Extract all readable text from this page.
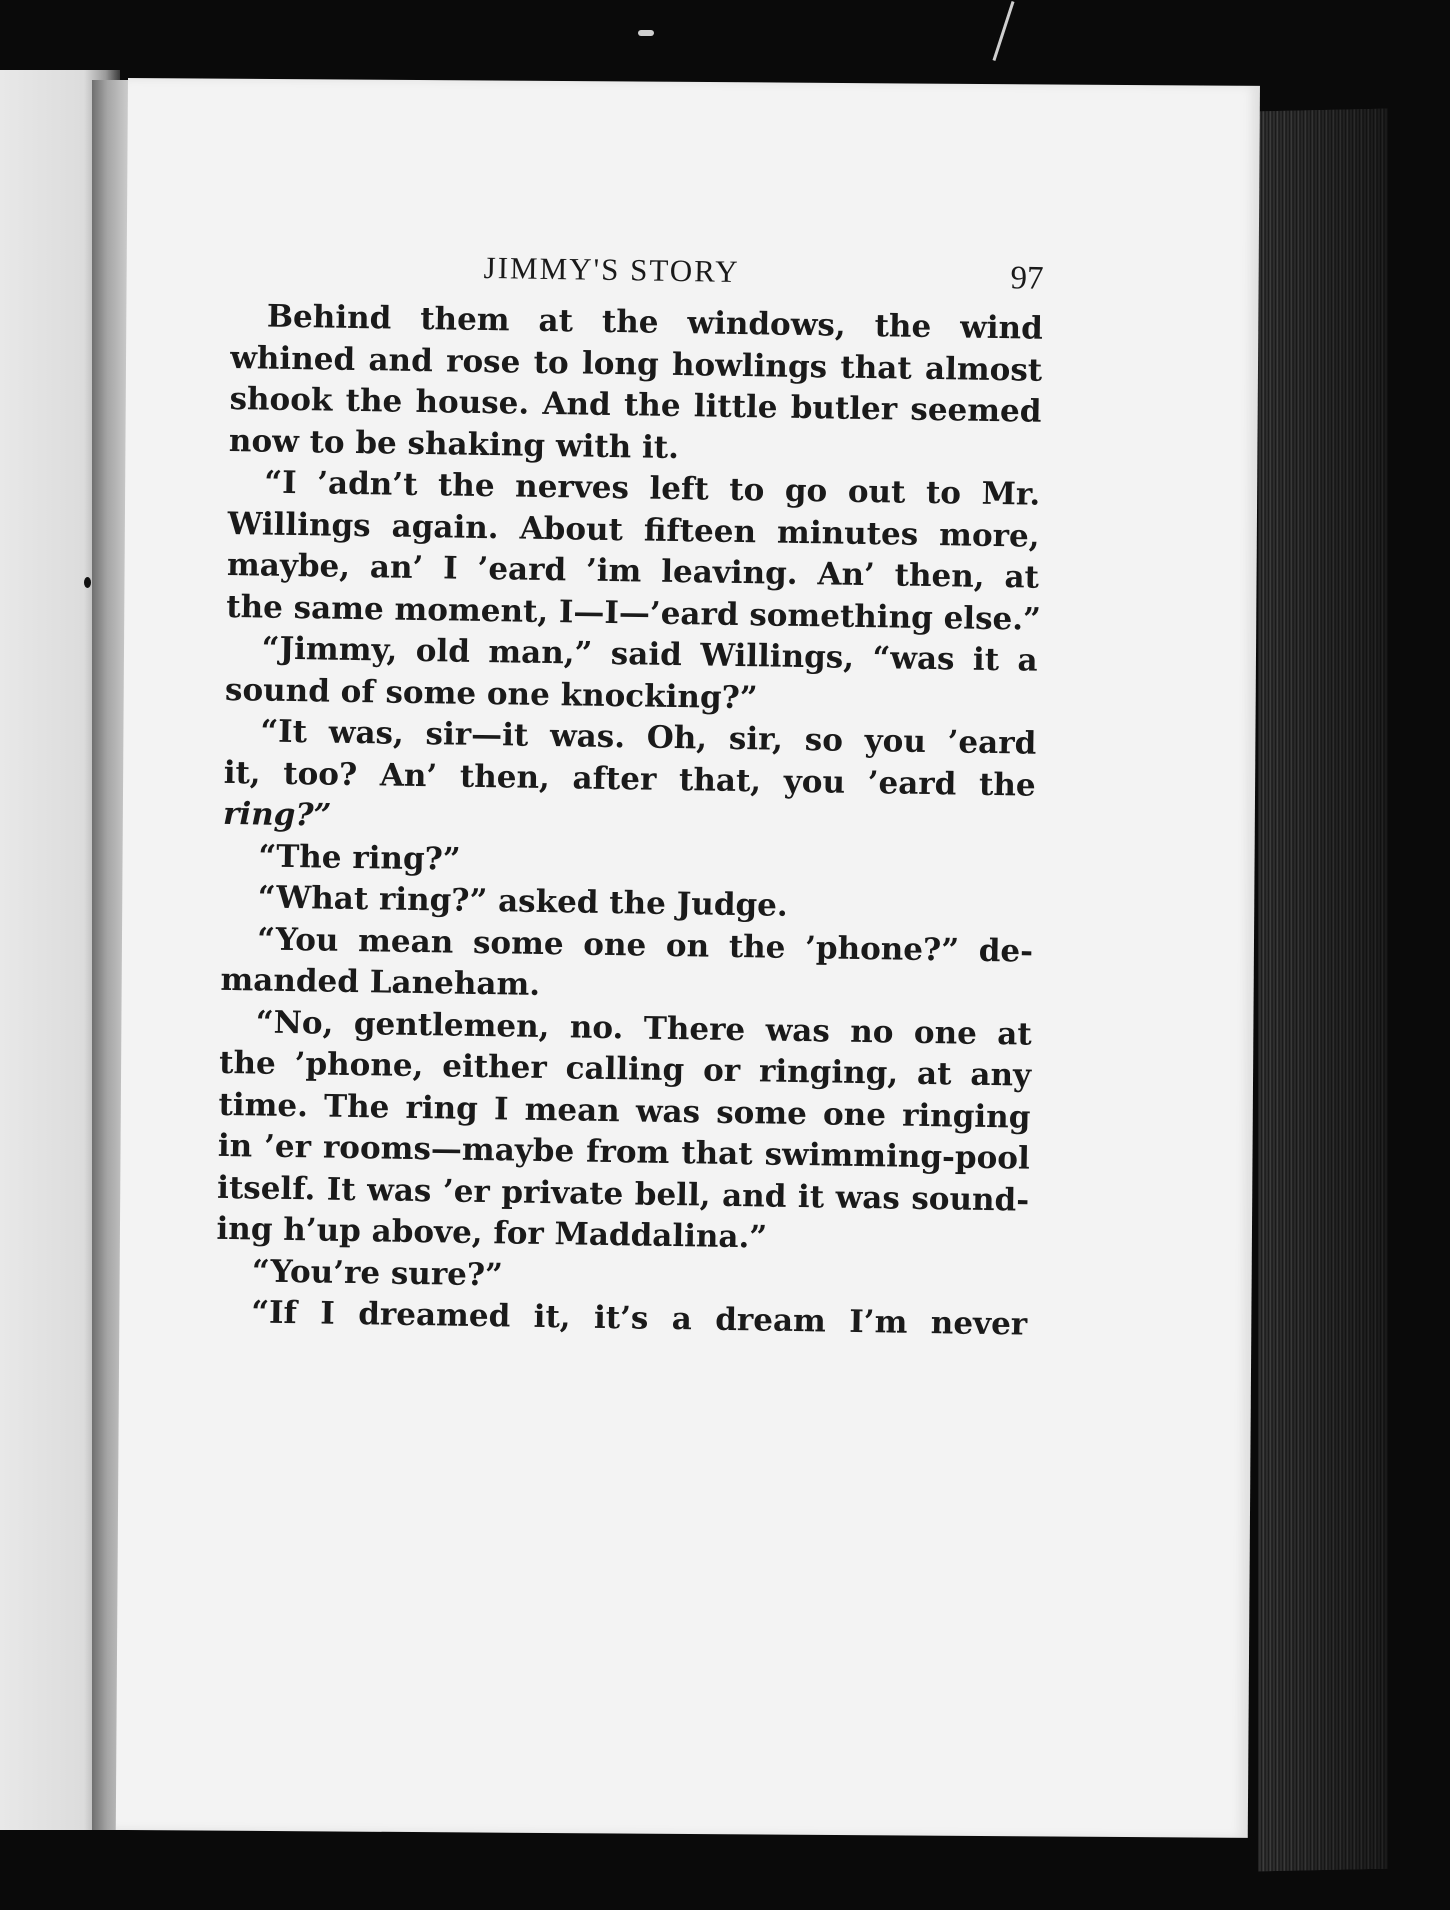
JIMMY'S STORY	97

Behind them at the windows, the wind
whined and rose to long howlings that almost
shook the house. And the little butler seemed
now to be shaking with it.

“I ’adn’t the nerves left to go out to Mr.
Willings again. About fifteen minutes more,
maybe, an’ I ’eard ’im leaving. An’ then, at
the same moment, I—I—’eard something else.”

“Jimmy, old man,” said Willings, “was it a
sound of some one knocking?”

“It was, sir—it was. Oh, sir, so you ’eard
it, too? An’ then, after that, you ’eard the
ring?”

“The ring?”

“What ring?” asked the Judge.

“You mean some one on the ’phone?” de-
manded Laneham.

“No, gentlemen, no. There was no one at
the ’phone, either calling or ringing, at any
time. The ring I mean was some one ringing
in ’er rooms—maybe from that swimming-pool
itself. It was ’er private bell, and it was sound-
ing h’up above, for Maddalina.”

“You’re sure?”

“If I dreamed it, it’s a dream I’m never
